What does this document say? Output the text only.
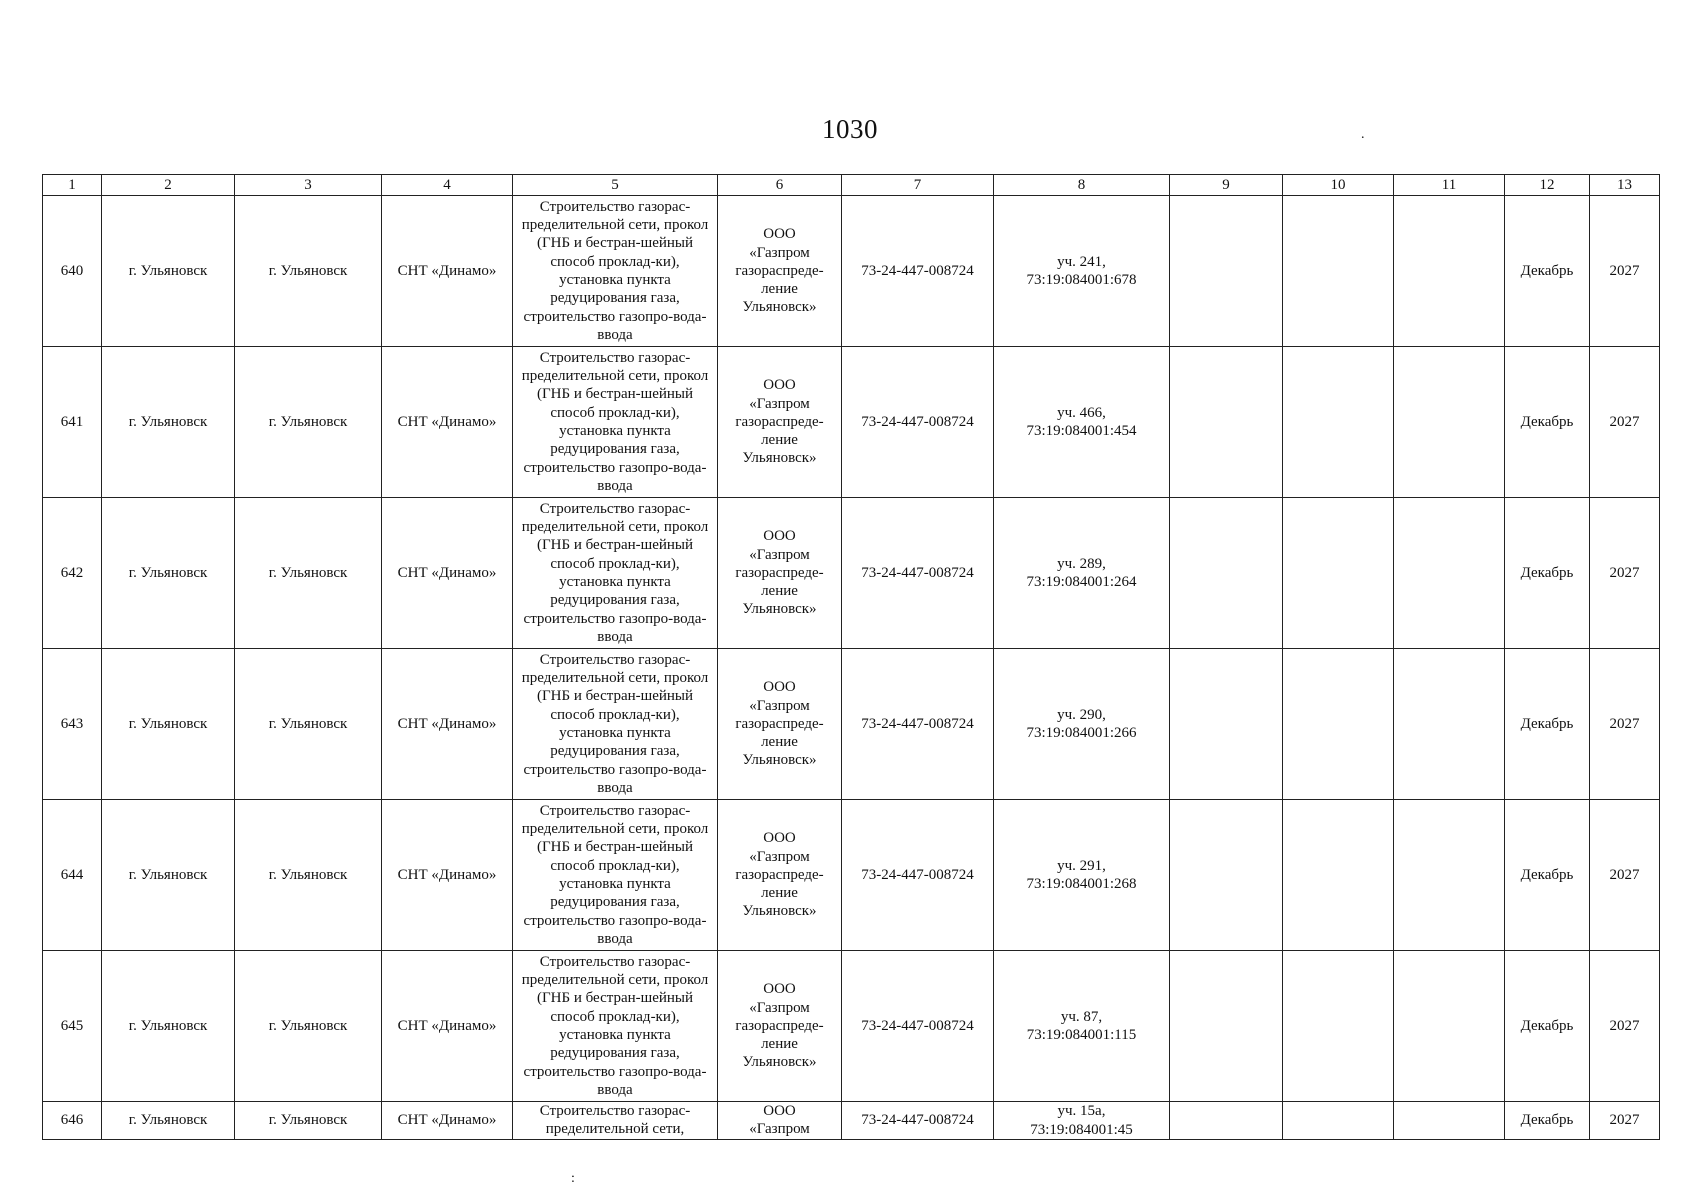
1030	.
:
1	2	3	4	5	6	7	8	9	10	11	12	13
640	г. Ульяновск	г. Ульяновск	СНТ «Динамо»	Строительство газорас-пределительной сети, прокол (ГНБ и бестран-шейный способ проклад-ки), установка пункта редуцирования газа, строительство газопро-вода-ввода	ООО
«Газпром
газораспреде-
ление
Ульяновск»	73-24-447-008724	уч. 241,
73:19:084001:678				Декабрь	2027
641	г. Ульяновск	г. Ульяновск	СНТ «Динамо»	Строительство газорас-пределительной сети, прокол (ГНБ и бестран-шейный способ проклад-ки), установка пункта редуцирования газа, строительство газопро-вода-ввода	ООО
«Газпром
газораспреде-
ление
Ульяновск»	73-24-447-008724	уч. 466,
73:19:084001:454				Декабрь	2027
642	г. Ульяновск	г. Ульяновск	СНТ «Динамо»	Строительство газорас-пределительной сети, прокол (ГНБ и бестран-шейный способ проклад-ки), установка пункта редуцирования газа, строительство газопро-вода-ввода	ООО
«Газпром
газораспреде-
ление
Ульяновск»	73-24-447-008724	уч. 289,
73:19:084001:264				Декабрь	2027
643	г. Ульяновск	г. Ульяновск	СНТ «Динамо»	Строительство газорас-пределительной сети, прокол (ГНБ и бестран-шейный способ проклад-ки), установка пункта редуцирования газа, строительство газопро-вода-ввода	ООО
«Газпром
газораспреде-
ление
Ульяновск»	73-24-447-008724	уч. 290,
73:19:084001:266				Декабрь	2027
644	г. Ульяновск	г. Ульяновск	СНТ «Динамо»	Строительство газорас-пределительной сети, прокол (ГНБ и бестран-шейный способ проклад-ки), установка пункта редуцирования газа, строительство газопро-вода-ввода	ООО
«Газпром
газораспреде-
ление
Ульяновск»	73-24-447-008724	уч. 291,
73:19:084001:268				Декабрь	2027
645	г. Ульяновск	г. Ульяновск	СНТ «Динамо»	Строительство газорас-пределительной сети, прокол (ГНБ и бестран-шейный способ проклад-ки), установка пункта редуцирования газа, строительство газопро-вода-ввода	ООО
«Газпром
газораспреде-
ление
Ульяновск»	73-24-447-008724	уч. 87,
73:19:084001:115				Декабрь	2027
646	г. Ульяновск	г. Ульяновск	СНТ «Динамо»	Строительство газорас-пределительной сети,	ООО
«Газпром	73-24-447-008724	уч. 15а,
73:19:084001:45				Декабрь	2027
